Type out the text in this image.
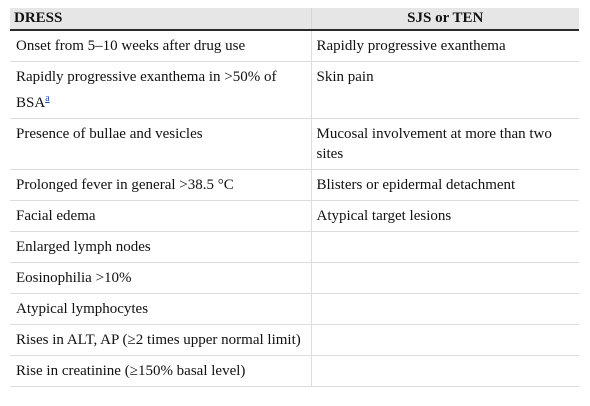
DRESS	SJS or TEN
Onset from 5–10 weeks after drug use	Rapidly progressive exanthema
Rapidly progressive exanthema in >50% of BSA$^a$	Skin pain
Presence of bullae and vesicles	Mucosal involvement at more than two sites
Prolonged fever in general >38.5 °C	Blisters or epidermal detachment
Facial edema	Atypical target lesions
Enlarged lymph nodes	
Eosinophilia >10%	
Atypical lymphocytes	
Rises in ALT, AP (≥2 times upper normal limit)	
Rise in creatinine (≥150% basal level)	
